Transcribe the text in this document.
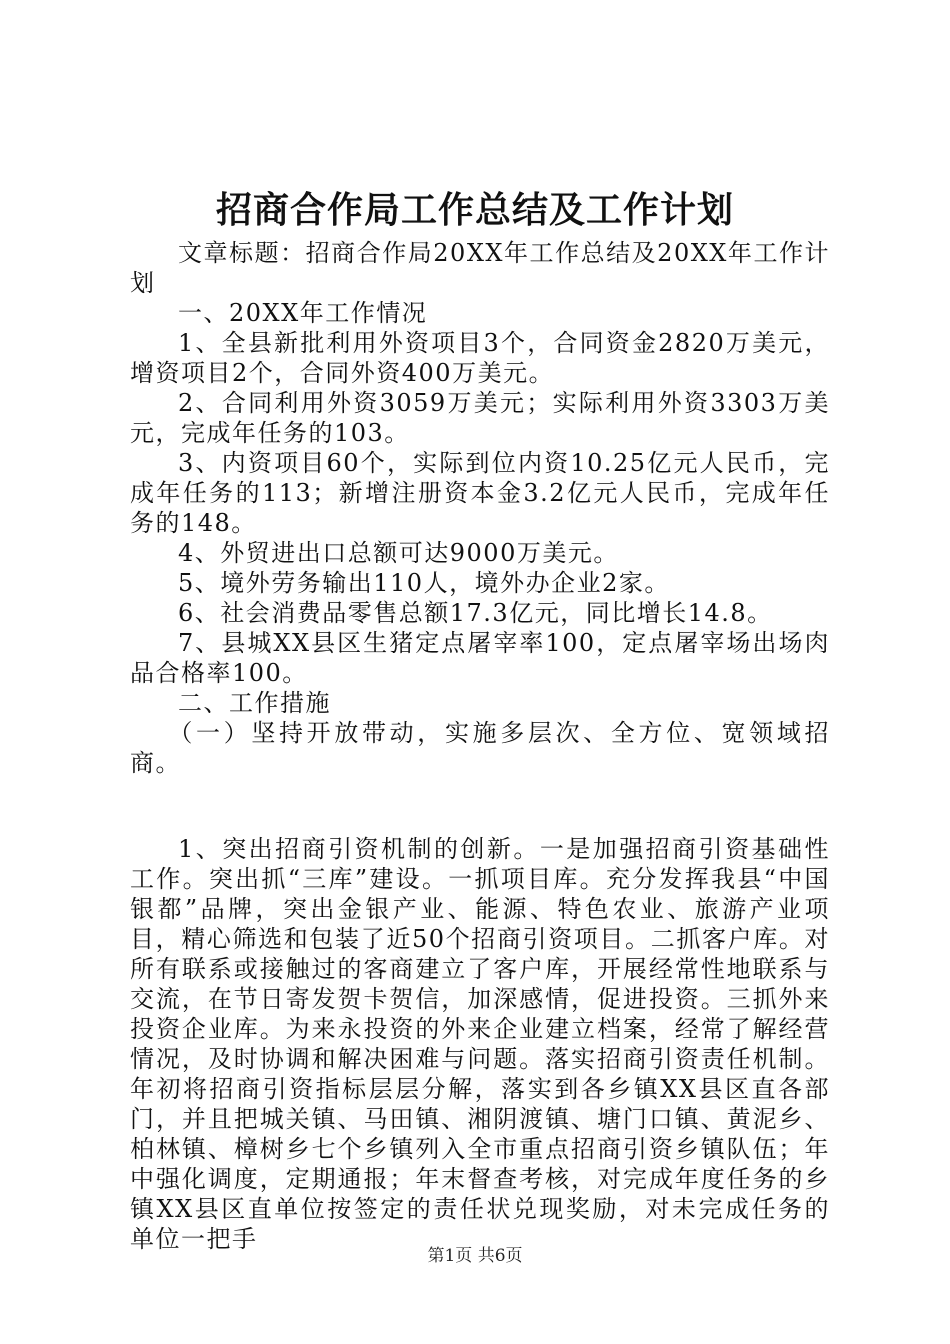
招商合作局工作总结及工作计划

文章标题：招商合作局20XX年工作总结及20XX年工作计划

一、20XX年工作情况

1、全县新批利用外资项目3个，合同资金2820万美元，增资项目2个，合同外资400万美元。

2、合同利用外资3059万美元；实际利用外资3303万美元，完成年任务的103。

3、内资项目60个，实际到位内资10.25亿元人民币，完成年任务的113；新增注册资本金3.2亿元人民币，完成年任务的148。

4、外贸进出口总额可达9000万美元。

5、境外劳务输出110人，境外办企业2家。

6、社会消费品零售总额17.3亿元，同比增长14.8。

7、县城XX县区生猪定点屠宰率100，定点屠宰场出场肉品合格率100。

二、工作措施

（一）坚持开放带动，实施多层次、全方位、宽领域招商。

1、突出招商引资机制的创新。一是加强招商引资基础性工作。突出抓“三库”建设。一抓项目库。充分发挥我县“中国银都”品牌，突出金银产业、能源、特色农业、旅游产业项目，精心筛选和包装了近50个招商引资项目。二抓客户库。对所有联系或接触过的客商建立了客户库，开展经常性地联系与交流，在节日寄发贺卡贺信，加深感情，促进投资。三抓外来投资企业库。为来永投资的外来企业建立档案，经常了解经营情况，及时协调和解决困难与问题。落实招商引资责任机制。年初将招商引资指标层层分解，落实到各乡镇XX县区直各部门，并且把城关镇、马田镇、湘阴渡镇、塘门口镇、黄泥乡、柏林镇、樟树乡七个乡镇列入全市重点招商引资乡镇队伍；年中强化调度，定期通报；年末督查考核，对完成年度任务的乡镇XX县区直单位按签定的责任状兑现奖励，对未完成任务的单位一把手

第1页 共6页
